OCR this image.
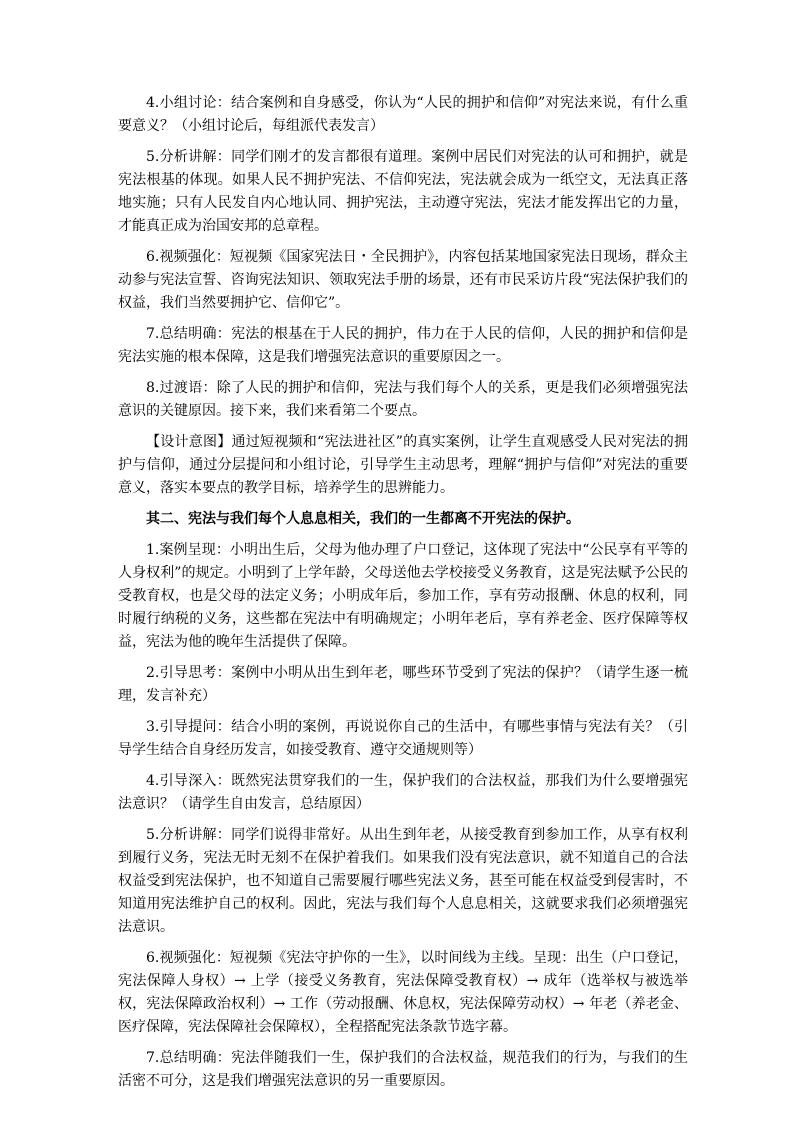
4.小组讨论：结合案例和自身感受，你认为“人民的拥护和信仰”对宪法来说，有什么重要意义？（小组讨论后，每组派代表发言）

5.分析讲解：同学们刚才的发言都很有道理。案例中居民们对宪法的认可和拥护，就是宪法根基的体现。如果人民不拥护宪法、不信仰宪法，宪法就会成为一纸空文，无法真正落地实施；只有人民发自内心地认同、拥护宪法，主动遵守宪法，宪法才能发挥出它的力量，才能真正成为治国安邦的总章程。

6.视频强化：短视频《国家宪法日・全民拥护》，内容包括某地国家宪法日现场，群众主动参与宪法宣誓、咨询宪法知识、领取宪法手册的场景，还有市民采访片段“宪法保护我们的权益，我们当然要拥护它、信仰它”。

7.总结明确：宪法的根基在于人民的拥护，伟力在于人民的信仰，人民的拥护和信仰是宪法实施的根本保障，这是我们增强宪法意识的重要原因之一。

8.过渡语：除了人民的拥护和信仰，宪法与我们每个人的关系，更是我们必须增强宪法意识的关键原因。接下来，我们来看第二个要点。

【设计意图】通过短视频和“宪法进社区”的真实案例，让学生直观感受人民对宪法的拥护与信仰，通过分层提问和小组讨论，引导学生主动思考，理解“拥护与信仰”对宪法的重要意义，落实本要点的教学目标，培养学生的思辨能力。

其二、宪法与我们每个人息息相关，我们的一生都离不开宪法的保护。

1.案例呈现：小明出生后，父母为他办理了户口登记，这体现了宪法中“公民享有平等的人身权利”的规定。小明到了上学年龄，父母送他去学校接受义务教育，这是宪法赋予公民的受教育权，也是父母的法定义务；小明成年后，参加工作，享有劳动报酬、休息的权利，同时履行纳税的义务，这些都在宪法中有明确规定；小明年老后，享有养老金、医疗保障等权益，宪法为他的晚年生活提供了保障。

2.引导思考：案例中小明从出生到年老，哪些环节受到了宪法的保护？（请学生逐一梳理，发言补充）

3.引导提问：结合小明的案例，再说说你自己的生活中，有哪些事情与宪法有关？（引导学生结合自身经历发言，如接受教育、遵守交通规则等）

4.引导深入：既然宪法贯穿我们的一生，保护我们的合法权益，那我们为什么要增强宪法意识？（请学生自由发言，总结原因）

5.分析讲解：同学们说得非常好。从出生到年老，从接受教育到参加工作，从享有权利到履行义务，宪法无时无刻不在保护着我们。如果我们没有宪法意识，就不知道自己的合法权益受到宪法保护，也不知道自己需要履行哪些宪法义务，甚至可能在权益受到侵害时，不知道用宪法维护自己的权利。因此，宪法与我们每个人息息相关，这就要求我们必须增强宪法意识。

6.视频强化：短视频《宪法守护你的一生》，以时间线为主线。呈现：出生（户口登记，宪法保障人身权）→ 上学（接受义务教育，宪法保障受教育权）→ 成年（选举权与被选举权，宪法保障政治权利）→ 工作（劳动报酬、休息权，宪法保障劳动权）→ 年老（养老金、医疗保障，宪法保障社会保障权），全程搭配宪法条款节选字幕。

7.总结明确：宪法伴随我们一生，保护我们的合法权益，规范我们的行为，与我们的生活密不可分，这是我们增强宪法意识的另一重要原因。
